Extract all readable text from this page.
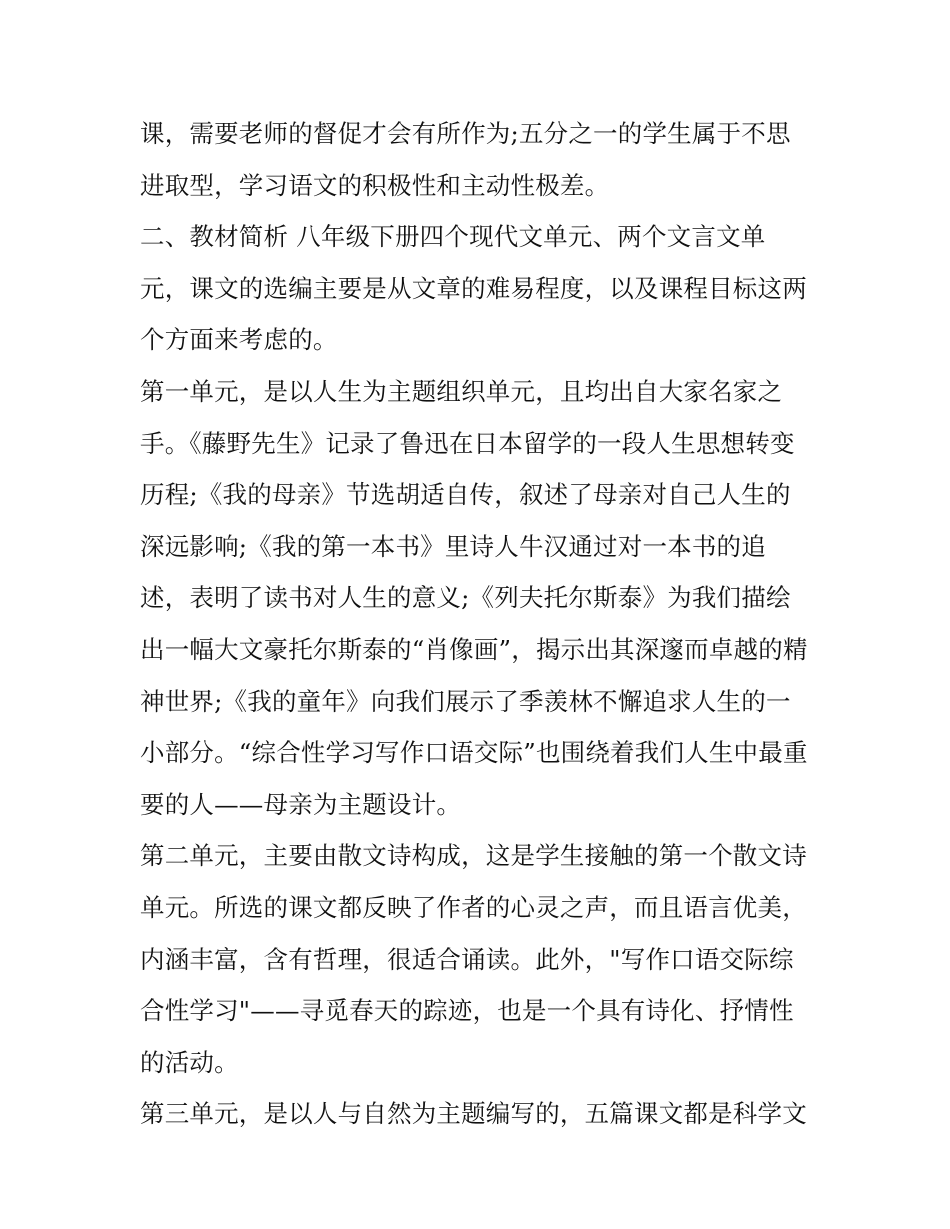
课，需要老师的督促才会有所作为;五分之一的学生属于不思
进取型，学习语文的积极性和主动性极差。
二、教材简析 八年级下册四个现代文单元、两个文言文单
元，课文的选编主要是从文章的难易程度，以及课程目标这两
个方面来考虑的。
第一单元，是以人生为主题组织单元，且均出自大家名家之
手。《藤野先生》记录了鲁迅在日本留学的一段人生思想转变
历程;《我的母亲》节选胡适自传，叙述了母亲对自己人生的
深远影响;《我的第一本书》里诗人牛汉通过对一本书的追
述，表明了读书对人生的意义;《列夫托尔斯泰》为我们描绘
出一幅大文豪托尔斯泰的“肖像画”，揭示出其深邃而卓越的精
神世界;《我的童年》向我们展示了季羡林不懈追求人生的一
小部分。“综合性学习写作口语交际”也围绕着我们人生中最重
要的人——母亲为主题设计。
第二单元，主要由散文诗构成，这是学生接触的第一个散文诗
单元。所选的课文都反映了作者的心灵之声，而且语言优美，
内涵丰富，含有哲理，很适合诵读。此外，"写作口语交际综
合性学习"——寻觅春天的踪迹，也是一个具有诗化、抒情性
的活动。
第三单元，是以人与自然为主题编写的，五篇课文都是科学文
